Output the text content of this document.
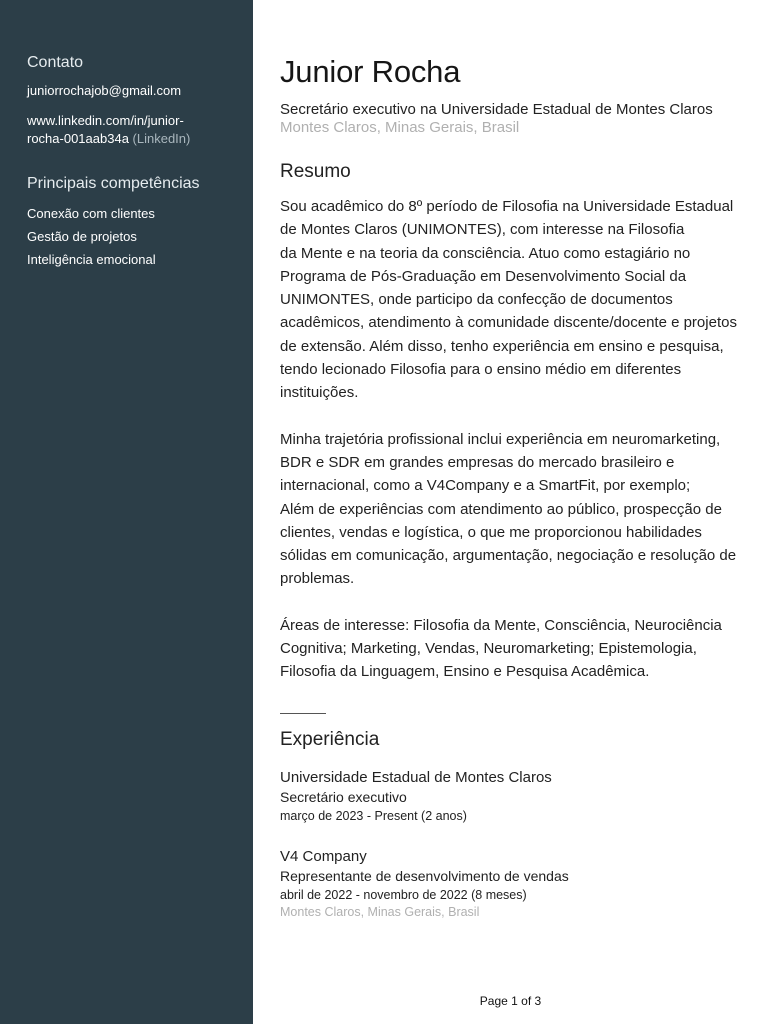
Contato
juniorrochajob@gmail.com
www.linkedin.com/in/junior-
rocha-001aab34a (LinkedIn)
Principais competências
Conexão com clientes
Gestão de projetos
Inteligência emocional
Junior Rocha
Secretário executivo na Universidade Estadual de Montes Claros
Montes Claros, Minas Gerais, Brasil
Resumo

Sou acadêmico do 8º período de Filosofia na Universidade Estadual
de Montes Claros (UNIMONTES), com interesse na Filosofia
da Mente e na teoria da consciência. Atuo como estagiário no
Programa de Pós-Graduação em Desenvolvimento Social da
UNIMONTES, onde participo da confecção de documentos
acadêmicos, atendimento à comunidade discente/docente e projetos
de extensão. Além disso, tenho experiência em ensino e pesquisa,
tendo lecionado Filosofia para o ensino médio em diferentes
instituições.

Minha trajetória profissional inclui experiência em neuromarketing,
BDR e SDR em grandes empresas do mercado brasileiro e
internacional, como a V4Company e a SmartFit, por exemplo;
Além de experiências com atendimento ao público, prospecção de
clientes, vendas e logística, o que me proporcionou habilidades
sólidas em comunicação, argumentação, negociação e resolução de
problemas.

Áreas de interesse: Filosofia da Mente, Consciência, Neurociência
Cognitiva; Marketing, Vendas, Neuromarketing; Epistemologia,
Filosofia da Linguagem, Ensino e Pesquisa Acadêmica.

Experiência
Universidade Estadual de Montes Claros
Secretário executivo
março de 2023 - Present (2 anos)
V4 Company
Representante de desenvolvimento de vendas
abril de 2022 - novembro de 2022 (8 meses)
Montes Claros, Minas Gerais, Brasil
Page 1 of 3
